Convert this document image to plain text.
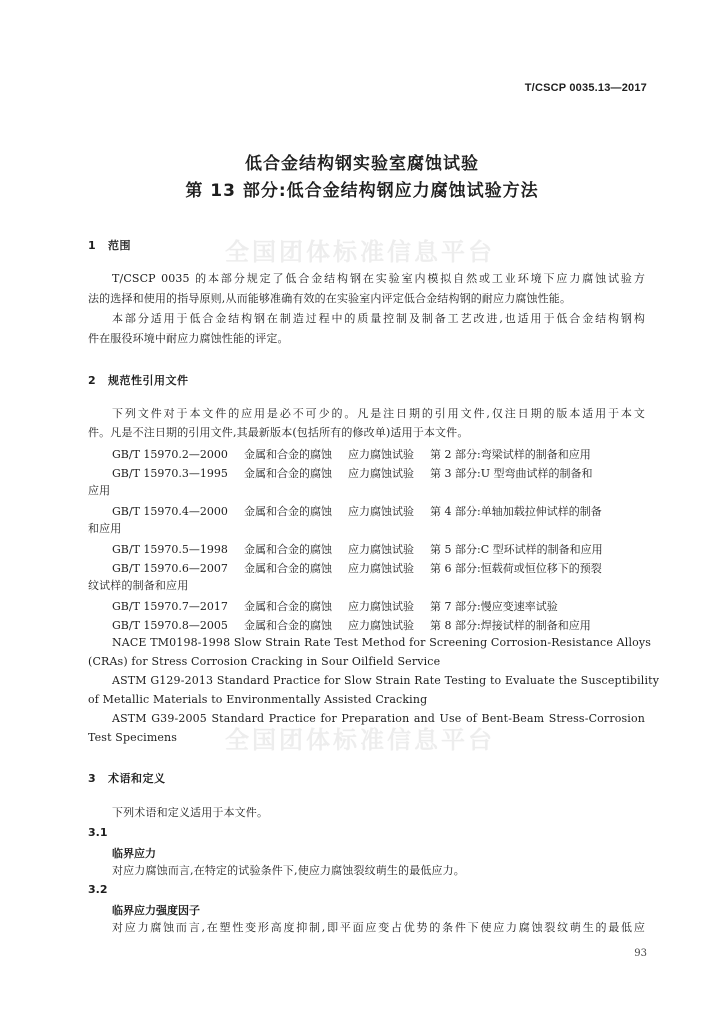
T/CSCP 0035.13—2017
低合金结构钢实验室腐蚀试验
第 13 部分:低合金结构钢应力腐蚀试验方法
全国团体标准信息平台
全国团体标准信息平台
1 范围
T/CSCP 0035 的本部分规定了低合金结构钢在实验室内模拟自然或工业环境下应力腐蚀试验方
法的选择和使用的指导原则,从而能够准确有效的在实验室内评定低合金结构钢的耐应力腐蚀性能。
本部分适用于低合金结构钢在制造过程中的质量控制及制备工艺改进,也适用于低合金结构钢构
件在服役环境中耐应力腐蚀性能的评定。
2 规范性引用文件
下列文件对于本文件的应用是必不可少的。凡是注日期的引用文件,仅注日期的版本适用于本文
件。凡是不注日期的引用文件,其最新版本(包括所有的修改单)适用于本文件。
GB/T 15970.2—2000 金属和合金的腐蚀 应力腐蚀试验 第 2 部分:弯梁试样的制备和应用
GB/T 15970.3—1995 金属和合金的腐蚀 应力腐蚀试验 第 3 部分:U 型弯曲试样的制备和
应用
GB/T 15970.4—2000 金属和合金的腐蚀 应力腐蚀试验 第 4 部分:单轴加载拉伸试样的制备
和应用
GB/T 15970.5—1998 金属和合金的腐蚀 应力腐蚀试验 第 5 部分:C 型环试样的制备和应用
GB/T 15970.6—2007 金属和合金的腐蚀 应力腐蚀试验 第 6 部分:恒载荷或恒位移下的预裂
纹试样的制备和应用
GB/T 15970.7—2017 金属和合金的腐蚀 应力腐蚀试验 第 7 部分:慢应变速率试验
GB/T 15970.8—2005 金属和合金的腐蚀 应力腐蚀试验 第 8 部分:焊接试样的制备和应用
NACE TM0198-1998 Slow Strain Rate Test Method for Screening Corrosion-Resistance Alloys
(CRAs) for Stress Corrosion Cracking in Sour Oilfield Service
ASTM G129-2013 Standard Practice for Slow Strain Rate Testing to Evaluate the Susceptibility
of Metallic Materials to Environmentally Assisted Cracking
ASTM G39-2005 Standard Practice for Preparation and Use of Bent-Beam Stress-Corrosion
Test Specimens
3 术语和定义
下列术语和定义适用于本文件。
3.1
临界应力
对应力腐蚀而言,在特定的试验条件下,使应力腐蚀裂纹萌生的最低应力。
3.2
临界应力强度因子
对应力腐蚀而言,在塑性变形高度抑制,即平面应变占优势的条件下使应力腐蚀裂纹萌生的最低应
93
